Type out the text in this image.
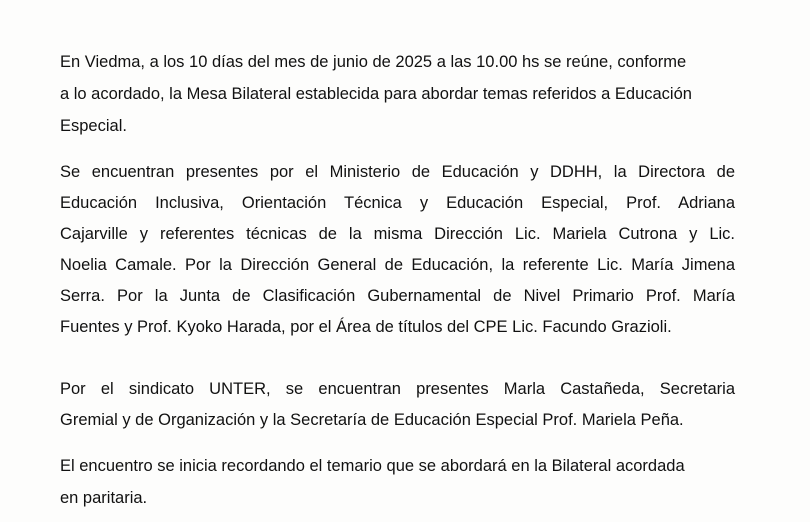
En Viedma, a los 10 días del mes de junio de 2025 a las 10.00 hs se reúne, conforme
a lo acordado, la Mesa Bilateral establecida para abordar temas referidos a Educación
Especial.
Se encuentran presentes por el Ministerio de Educación y DDHH, la Directora de
Educación Inclusiva, Orientación Técnica y Educación Especial, Prof. Adriana
Cajarville y referentes técnicas de la misma Dirección Lic. Mariela Cutrona y Lic.
Noelia Camale. Por la Dirección General de Educación, la referente Lic. María Jimena
Serra. Por la Junta de Clasificación Gubernamental de Nivel Primario Prof. María
Fuentes y Prof. Kyoko Harada, por el Área de títulos del CPE Lic. Facundo Grazioli.
Por el sindicato UNTER, se encuentran presentes Marla Castañeda, Secretaria
Gremial y de Organización y la Secretaría de Educación Especial Prof. Mariela Peña.
El encuentro se inicia recordando el temario que se abordará en la Bilateral acordada
en paritaria.
